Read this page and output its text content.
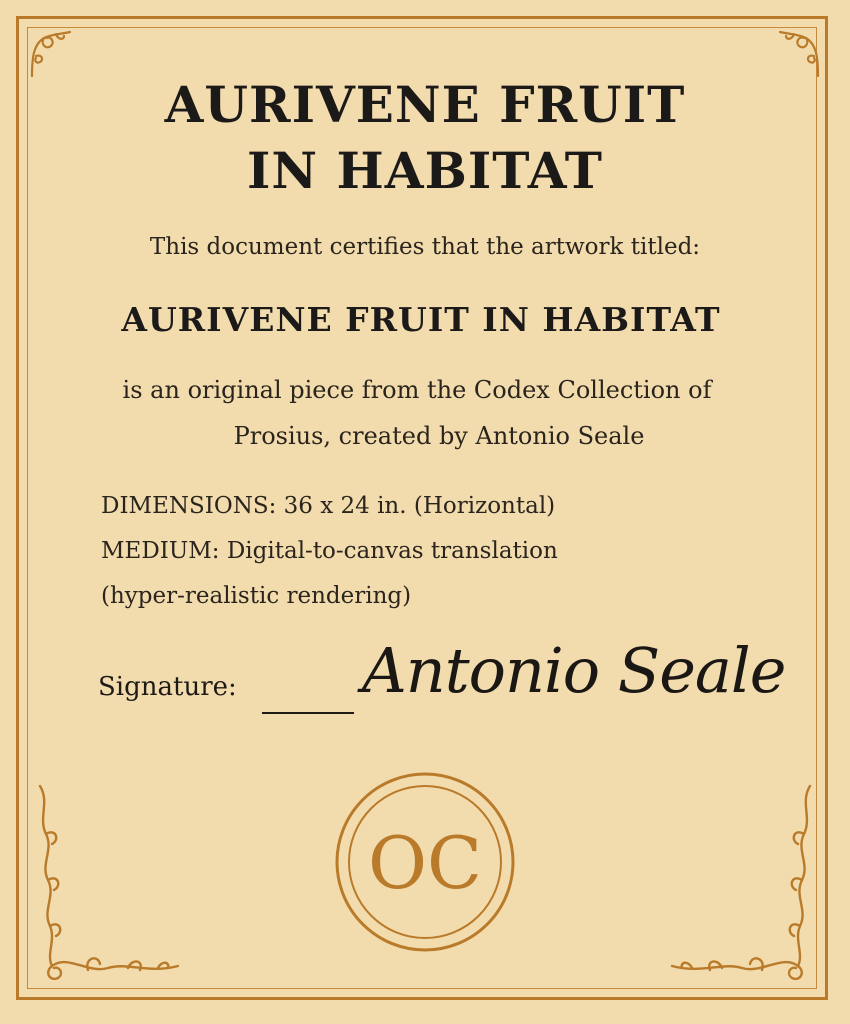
AURIVENE FRUIT
IN HABITAT
This document certifies that the artwork titled:
AURIVENE FRUIT IN HABITAT
is an original piece from the Codex Collection of
Prosius, created by Antonio Seale
DIMENSIONS: 36 x 24 in. (Horizontal)
MEDIUM: Digital-to-canvas translation
(hyper-realistic rendering)
Signature: Antonio Seale
OC
